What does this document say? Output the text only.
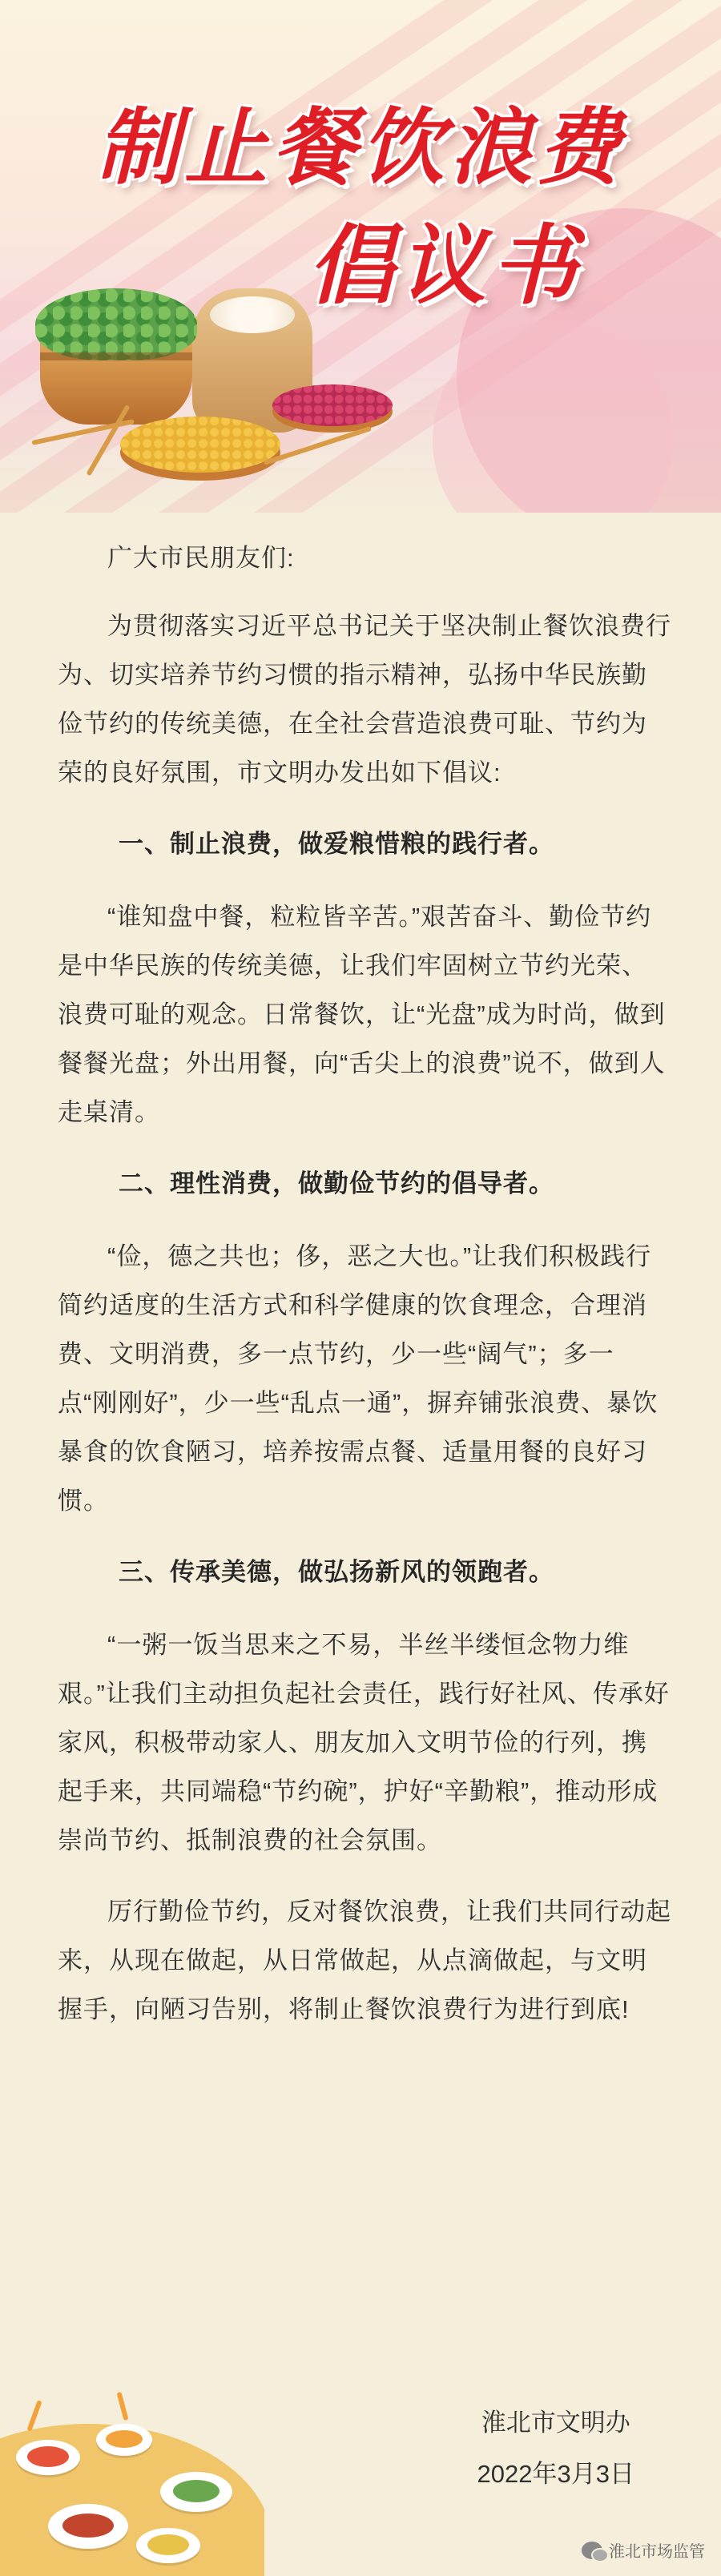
制止餐饮浪费
倡议书

广大市民朋友们:

为贯彻落实习近平总书记关于坚决制止餐饮浪费行为、切实培养节约习惯的指示精神，弘扬中华民族勤俭节约的传统美德，在全社会营造浪费可耻、节约为荣的良好氛围，市文明办发出如下倡议:

一、制止浪费，做爱粮惜粮的践行者。

“谁知盘中餐，粒粒皆辛苦。”艰苦奋斗、勤俭节约是中华民族的传统美德，让我们牢固树立节约光荣、浪费可耻的观念。日常餐饮，让“光盘”成为时尚，做到餐餐光盘；外出用餐，向“舌尖上的浪费”说不，做到人走桌清。

二、理性消费，做勤俭节约的倡导者。

“俭，德之共也；侈，恶之大也。”让我们积极践行简约适度的生活方式和科学健康的饮食理念，合理消费、文明消费，多一点节约，少一些“阔气”；多一点“刚刚好”，少一些“乱点一通”，摒弃铺张浪费、暴饮暴食的饮食陋习，培养按需点餐、适量用餐的良好习惯。

三、传承美德，做弘扬新风的领跑者。

“一粥一饭当思来之不易，半丝半缕恒念物力维艰。”让我们主动担负起社会责任，践行好社风、传承好家风，积极带动家人、朋友加入文明节俭的行列，携起手来，共同端稳“节约碗”，护好“辛勤粮”，推动形成崇尚节约、抵制浪费的社会氛围。

厉行勤俭节约，反对餐饮浪费，让我们共同行动起来，从现在做起，从日常做起，从点滴做起，与文明握手，向陋习告别，将制止餐饮浪费行为进行到底!

淮北市文明办
2022年3月3日
淮北市场监管
